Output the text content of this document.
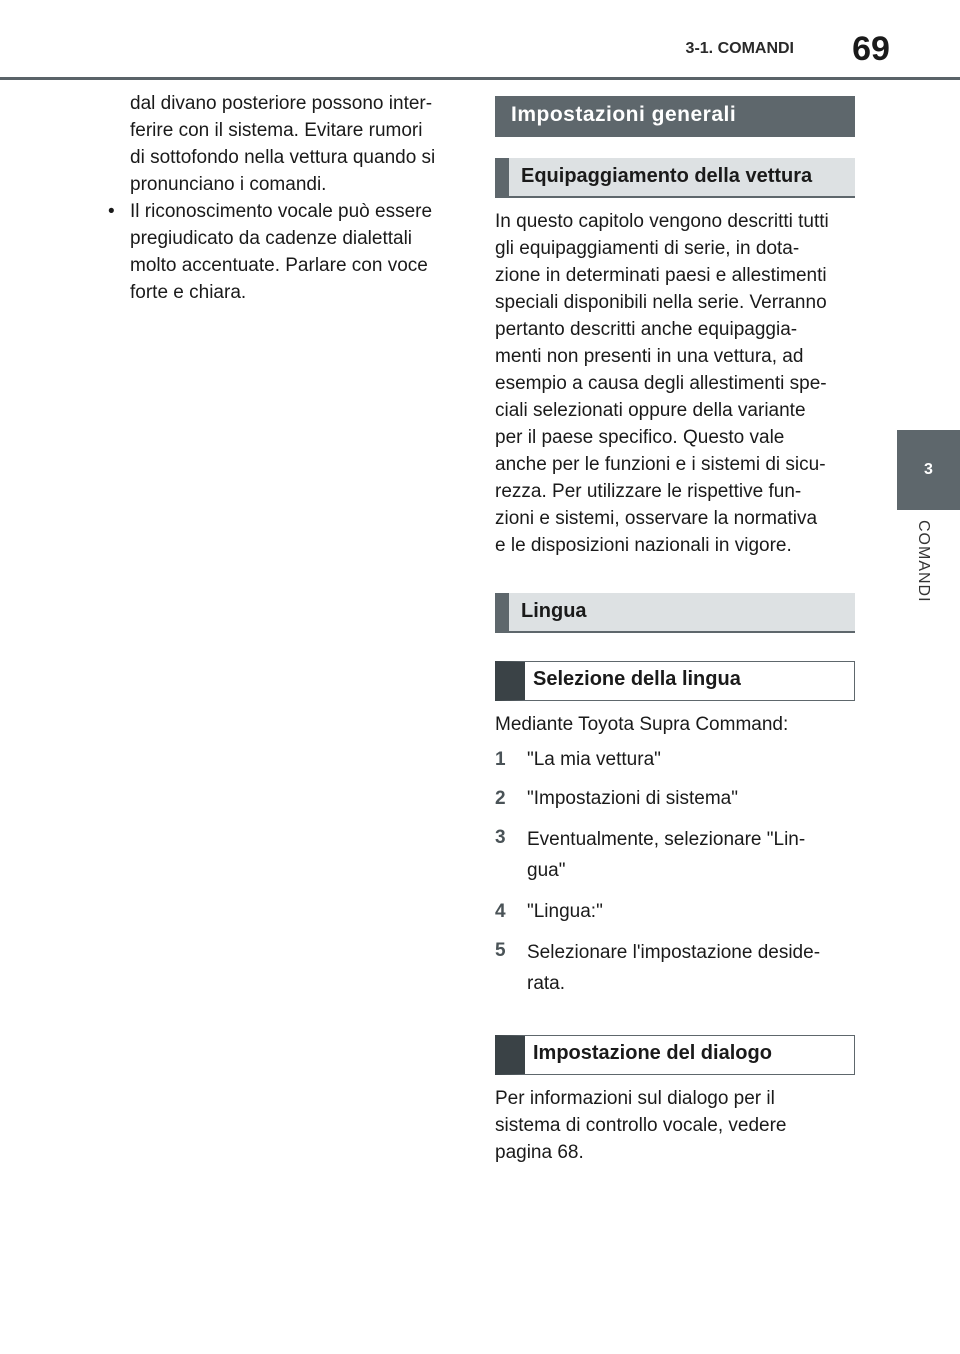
3-1. COMANDI	69
3
COMANDI

dal divano posteriore possono inter-

ferire con il sistema. Evitare rumori

di sottofondo nella vettura quando si

pronunciano i comandi.

• Il riconoscimento vocale può essere

pregiudicato da cadenze dialettali

molto accentuate. Parlare con voce

forte e chiara.

Impostazioni generali
Equipaggiamento della vettura

In questo capitolo vengono descritti tutti

gli equipaggiamenti di serie, in dota-

zione in determinati paesi e allestimenti

speciali disponibili nella serie. Verranno

pertanto descritti anche equipaggia-

menti non presenti in una vettura, ad

esempio a causa degli allestimenti spe-

ciali selezionati oppure della variante

per il paese specifico. Questo vale

anche per le funzioni e i sistemi di sicu-

rezza. Per utilizzare le rispettive fun-

zioni e sistemi, osservare la normativa

e le disposizioni nazionali in vigore.

Lingua
Selezione della lingua

Mediante Toyota Supra Command:

1	"La mia vettura"
2	"Impostazioni di sistema"
3	Eventualmente, selezionare "Lin-
gua"
4	"Lingua:"
5	Selezionare l'impostazione deside-
rata.
Impostazione del dialogo

Per informazioni sul dialogo per il

sistema di controllo vocale, vedere

pagina 68.
